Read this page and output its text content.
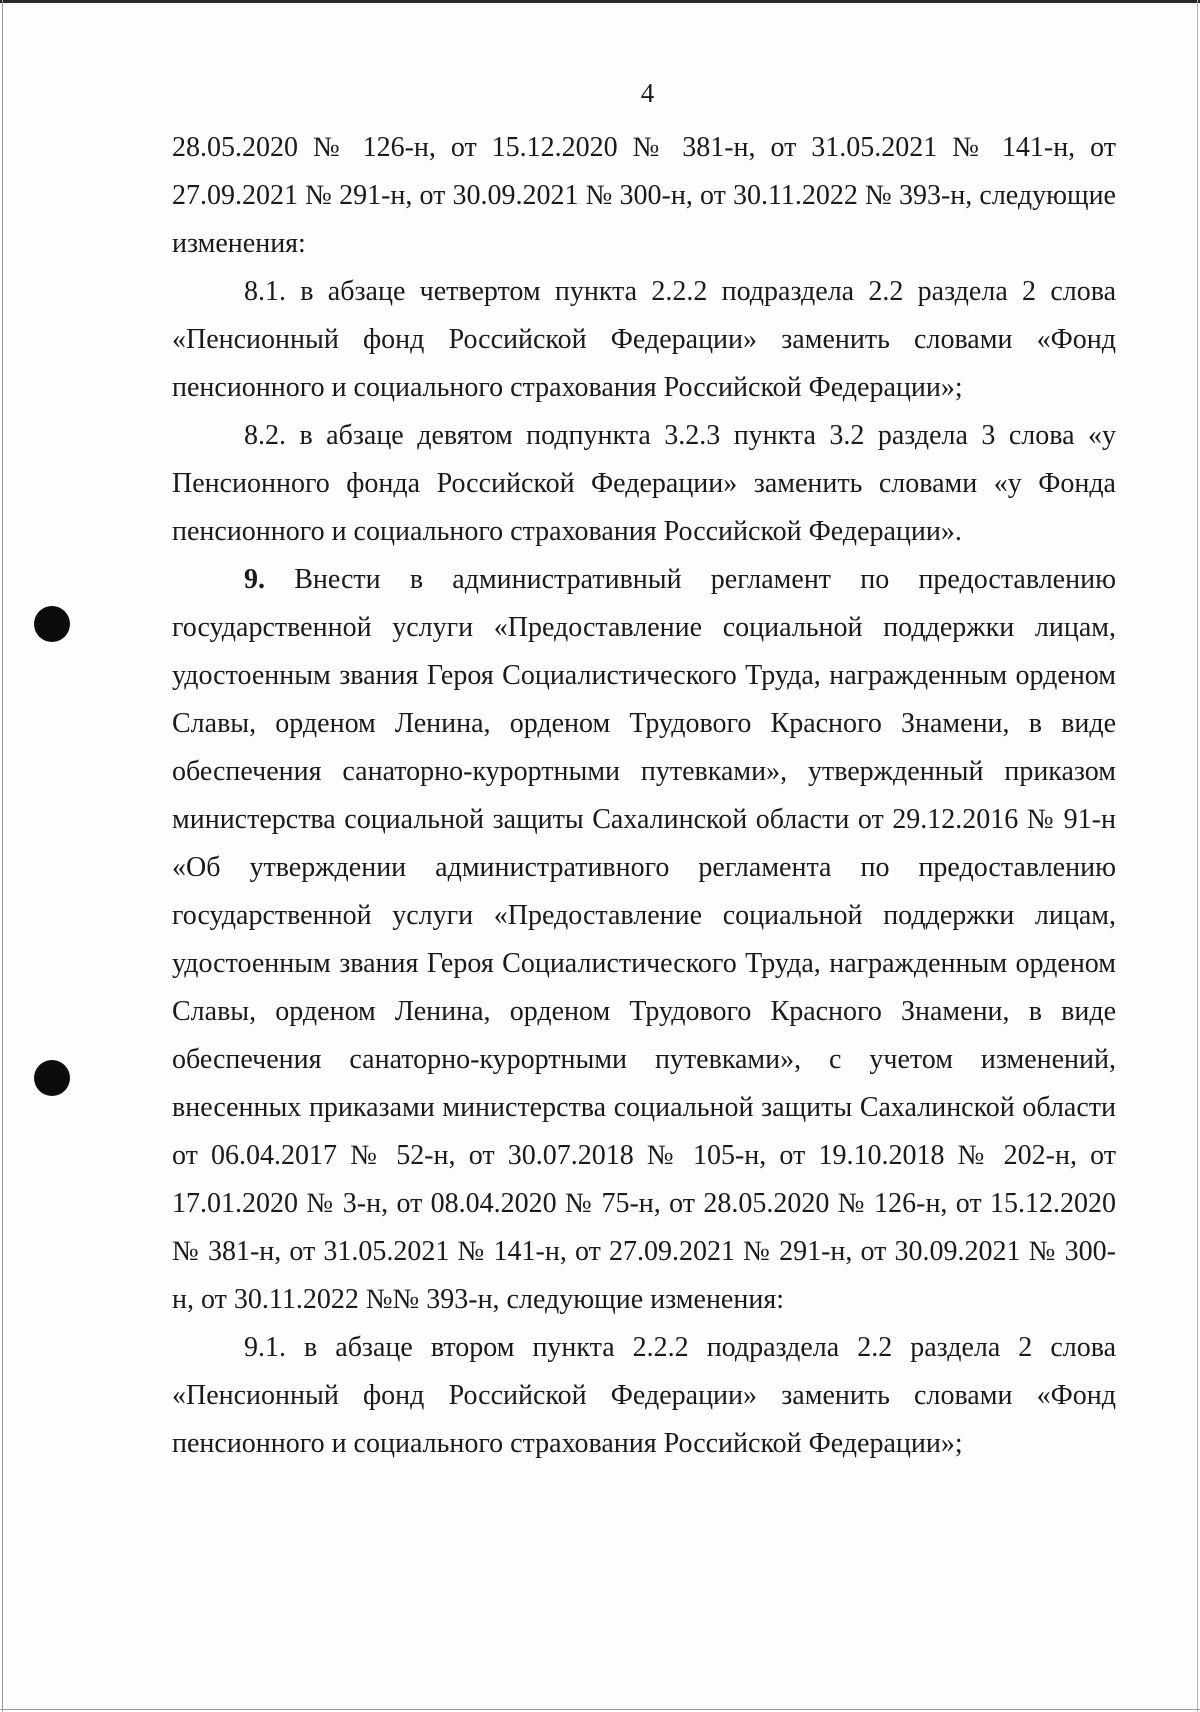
4

28.05.2020 № 126-н, от 15.12.2020 № 381-н, от 31.05.2021 № 141-н, от 27.09.2021 № 291-н, от 30.09.2021 № 300-н, от 30.11.2022 № 393-н, следующие изменения:

8.1. в абзаце четвертом пункта 2.2.2 подраздела 2.2 раздела 2 слова «Пенсионный фонд Российской Федерации» заменить словами «Фонд пенсионного и социального страхования Российской Федерации»;

8.2. в абзаце девятом подпункта 3.2.3 пункта 3.2 раздела 3 слова «у Пенсионного фонда Российской Федерации» заменить словами «у Фонда пенсионного и социального страхования Российской Федерации».

9. Внести в административный регламент по предоставлению государственной услуги «Предоставление социальной поддержки лицам, удостоенным звания Героя Социалистического Труда, награжденным орденом Славы, орденом Ленина, орденом Трудового Красного Знамени, в виде обеспечения санаторно-курортными путевками», утвержденный приказом министерства социальной защиты Сахалинской области от 29.12.2016 № 91-н «Об утверждении административного регламента по предоставлению государственной услуги «Предоставление социальной поддержки лицам, удостоенным звания Героя Социалистического Труда, награжденным орденом Славы, орденом Ленина, орденом Трудового Красного Знамени, в виде обеспечения санаторно-курортными путевками», с учетом изменений, внесенных приказами министерства социальной защиты Сахалинской области от 06.04.2017 № 52-н, от 30.07.2018 № 105-н, от 19.10.2018 № 202-н, от 17.01.2020 № 3-н, от 08.04.2020 № 75-н, от 28.05.2020 № 126-н, от 15.12.2020 № 381-н, от 31.05.2021 № 141-н, от 27.09.2021 № 291-н, от 30.09.2021 № 300-н, от 30.11.2022 №№ 393-н, следующие изменения:

9.1. в абзаце втором пункта 2.2.2 подраздела 2.2 раздела 2 слова «Пенсионный фонд Российской Федерации» заменить словами «Фонд пенсионного и социального страхования Российской Федерации»;
